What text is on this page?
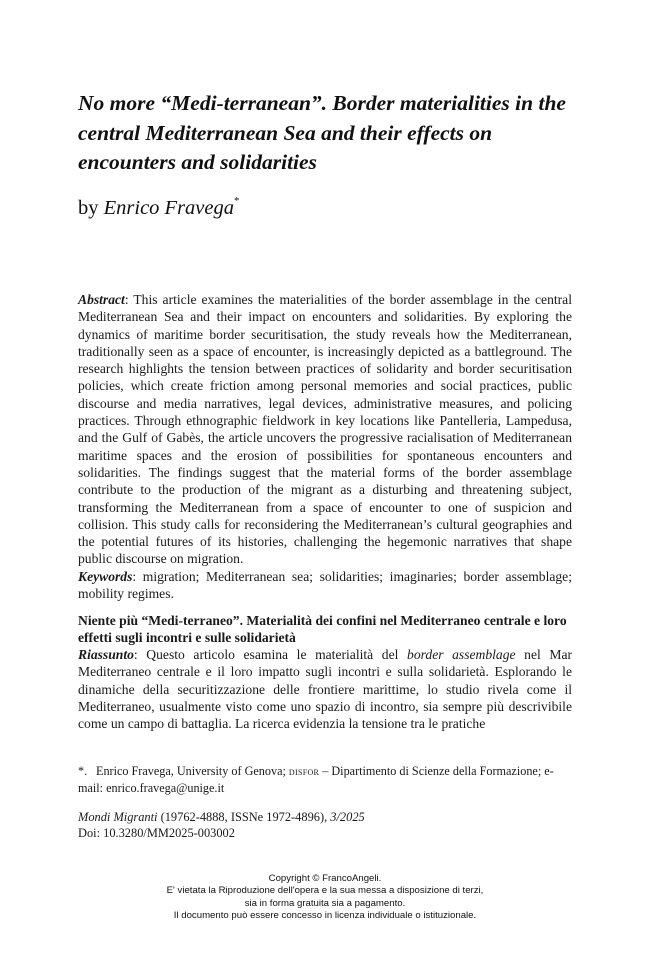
No more “Medi-terranean”. Border materialities in the central Mediterranean Sea and their effects on encounters and solidarities

by Enrico Fravega*

Abstract: This article examines the materialities of the border assemblage in the central Mediterranean Sea and their impact on encounters and solidarities. By exploring the dynamics of maritime border securitisation, the study reveals how the Mediterranean, traditionally seen as a space of encounter, is increasingly depicted as a battleground. The research highlights the tension between practices of solidarity and border securitisation policies, which create friction among personal memories and social practices, public discourse and media narratives, legal devices, administrative measures, and policing practices. Through ethnographic fieldwork in key locations like Pantelleria, Lampedusa, and the Gulf of Gabès, the article uncovers the progressive racialisation of Mediterranean maritime spaces and the erosion of possibilities for spontaneous encounters and solidarities. The findings suggest that the material forms of the border assemblage contribute to the production of the migrant as a disturbing and threatening subject, transforming the Mediterranean from a space of encounter to one of suspicion and collision. This study calls for reconsidering the Mediterranean’s cultural geographies and the potential futures of its histories, challenging the hegemonic narratives that shape public discourse on migration.

Keywords: migration; Mediterranean sea; solidarities; imaginaries; border assemblage; mobility regimes.

Niente più “Medi-terraneo”. Materialità dei confini nel Mediterraneo centrale e loro effetti sugli incontri e sulle solidarietà

Riassunto: Questo articolo esamina le materialità del border assemblage nel Mar Mediterraneo centrale e il loro impatto sugli incontri e sulla solidarietà. Esplorando le dinamiche della securitizzazione delle frontiere marittime, lo studio rivela come il Mediterraneo, usualmente visto come uno spazio di incontro, sia sempre più descrivibile come un campo di battaglia. La ricerca evidenzia la tensione tra le pratiche

*. Enrico Fravega, University of Genova; disfor – Dipartimento di Scienze della Formazione; e-mail: enrico.fravega@unige.it
Mondi Migranti (19762-4888, ISSNe 1972-4896), 3/2025
Doi: 10.3280/MM2025-003002
Copyright © FrancoAngeli.
E' vietata la Riproduzione dell'opera e la sua messa a disposizione di terzi,
sia in forma gratuita sia a pagamento.
Il documento può essere concesso in licenza individuale o istituzionale.
